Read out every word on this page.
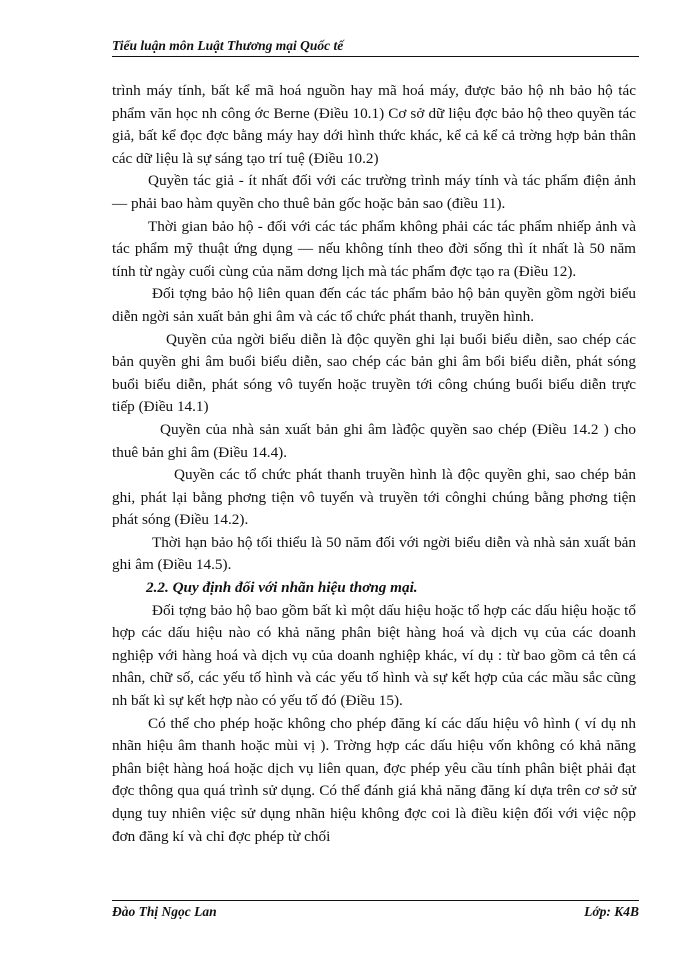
Tiểu luận môn Luật Thương mại Quốc tế

trình máy tính, bất kể mã hoá nguồn hay mã hoá máy, được bảo hộ nh bảo hộ tác phẩm văn học nh công ớc Berne (Điều 10.1) Cơ sở dữ liệu đợc bảo hộ theo quyền tác giả, bất kể đọc đợc bằng máy hay dới hình thức khác, kể cả kể cả trờng hợp bản thân các dữ liệu là sự sáng tạo trí tuệ (Điều 10.2)

Quyền tác giả - ít nhất đối với các trường trình máy tính và tác phẩm điện ảnh — phải bao hàm quyền cho thuê bản gốc hoặc bản sao (điều 11).

Thời gian bảo hộ - đối với các tác phẩm không phải các tác phẩm nhiếp ảnh và tác phẩm mỹ thuật ứng dụng — nếu không tính theo đời sống thì ít nhất là 50 năm tính từ ngày cuối cùng của năm dơng lịch mà tác phẩm đợc tạo ra (Điều 12).

Đối tợng bảo hộ liên quan đến các tác phẩm bảo hộ bản quyền gồm ngời biểu diễn ngời sản xuất bản ghi âm và các tổ chức phát thanh, truyền hình.

Quyền của ngời biểu diễn là độc quyền ghi lại buổi biểu diễn, sao chép các bản quyền ghi âm buổi biểu diễn, sao chép các bản ghi âm bổi biểu diễn, phát sóng buổi biểu diễn, phát sóng vô tuyến hoặc truyền tới công chúng buổi biểu diễn trực tiếp (Điều 14.1)

Quyền của nhà sản xuất bản ghi âm làđộc quyền sao chép (Điều 14.2 ) cho thuê bản ghi âm (Điều 14.4).

Quyền các tổ chức phát thanh truyền hình là độc quyền ghi, sao chép bản ghi, phát lại bằng phơng tiện vô tuyến và truyền tới cônghi chúng bằng phơng tiện phát sóng (Điều 14.2).

Thời hạn bảo hộ tối thiểu là 50 năm đối với ngời biểu diễn và nhà sản xuất bản ghi âm (Điều 14.5).

2.2. Quy định đối với nhãn hiệu thơng mại.

Đối tợng bảo hộ bao gồm bất kì một dấu hiệu hoặc tổ hợp các dấu hiệu hoặc tổ hợp các dấu hiệu nào có khả năng phân biệt hàng hoá và dịch vụ của các doanh nghiệp với hàng hoá và dịch vụ của doanh nghiệp khác, ví dụ : từ bao gồm cả tên cá nhân, chữ số, các yếu tố hình và các yếu tố hình và sự kết hợp của các mầu sắc cũng nh bất kì sự kết hợp nào có yếu tố đó (Điều 15).

Có thể cho phép hoặc không cho phép đăng kí các dấu hiệu vô hình ( ví dụ nh nhãn hiệu âm thanh hoặc mùi vị ). Trờng hợp các dấu hiệu vốn không có khả năng phân biệt hàng hoá hoặc dịch vụ liên quan, đợc phép yêu cầu tính phân biệt phải đạt đợc thông qua quá trình sử dụng. Có thể đánh giá khả năng đăng kí dựa trên cơ sở sử dụng tuy nhiên việc sử dụng nhãn hiệu không đợc coi là điều kiện đối với việc nộp đơn đăng kí và chỉ đợc phép từ chối

Đào Thị Ngọc Lan	Lớp: K4B
